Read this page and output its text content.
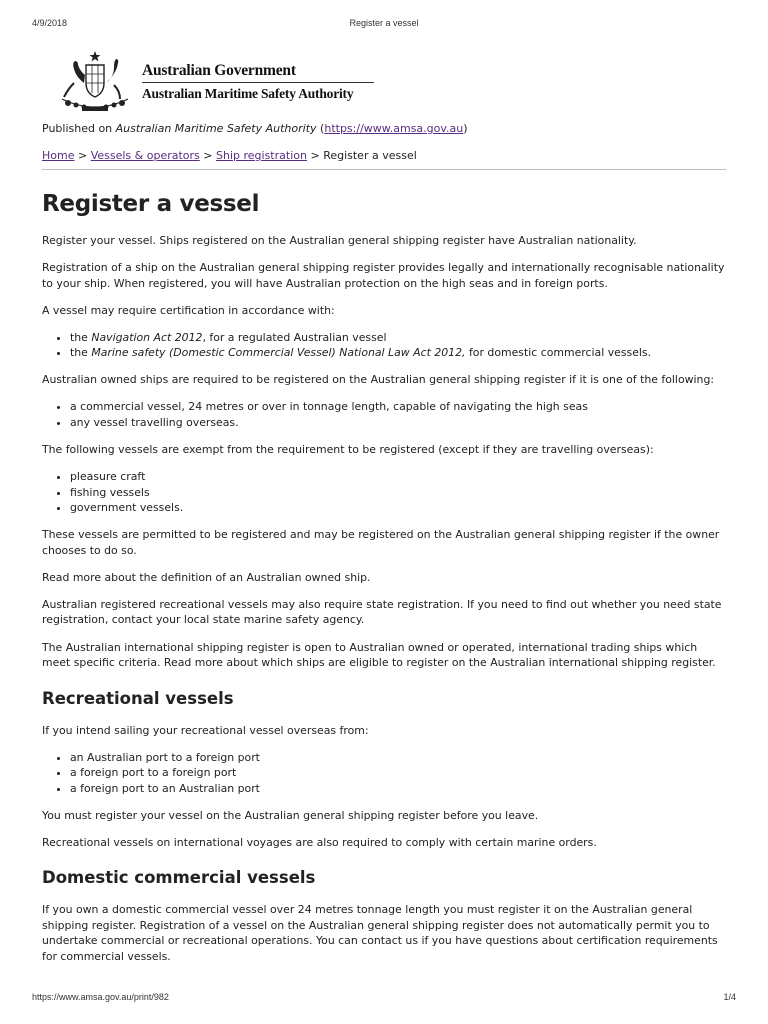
4/9/2018	Register a vessel
Australian Government
Australian Maritime Safety Authority
Published on Australian Maritime Safety Authority (https://www.amsa.gov.au)
Home > Vessels & operators > Ship registration > Register a vessel
Register a vessel

Register your vessel. Ships registered on the Australian general shipping register have Australian nationality.

Registration of a ship on the Australian general shipping register provides legally and internationally recognisable nationality to your ship. When registered, you will have Australian protection on the high seas and in foreign ports.

A vessel may require certification in accordance with:

• the Navigation Act 2012, for a regulated Australian vessel
• the Marine safety (Domestic Commercial Vessel) National Law Act 2012, for domestic commercial vessels.

Australian owned ships are required to be registered on the Australian general shipping register if it is one of the following:

• a commercial vessel, 24 metres or over in tonnage length, capable of navigating the high seas
• any vessel travelling overseas.

The following vessels are exempt from the requirement to be registered (except if they are travelling overseas):

• pleasure craft
• fishing vessels
• government vessels.

These vessels are permitted to be registered and may be registered on the Australian general shipping register if the owner chooses to do so.

Read more about the definition of an Australian owned ship.

Australian registered recreational vessels may also require state registration. If you need to find out whether you need state registration, contact your local state marine safety agency.

The Australian international shipping register is open to Australian owned or operated, international trading ships which meet specific criteria. Read more about which ships are eligible to register on the Australian international shipping register.

Recreational vessels

If you intend sailing your recreational vessel overseas from:

• an Australian port to a foreign port
• a foreign port to a foreign port
• a foreign port to an Australian port

You must register your vessel on the Australian general shipping register before you leave.

Recreational vessels on international voyages are also required to comply with certain marine orders.

Domestic commercial vessels

If you own a domestic commercial vessel over 24 metres tonnage length you must register it on the Australian general shipping register. Registration of a vessel on the Australian general shipping register does not automatically permit you to undertake commercial or recreational operations. You can contact us if you have questions about certification requirements for commercial vessels.

https://www.amsa.gov.au/print/982	1/4
